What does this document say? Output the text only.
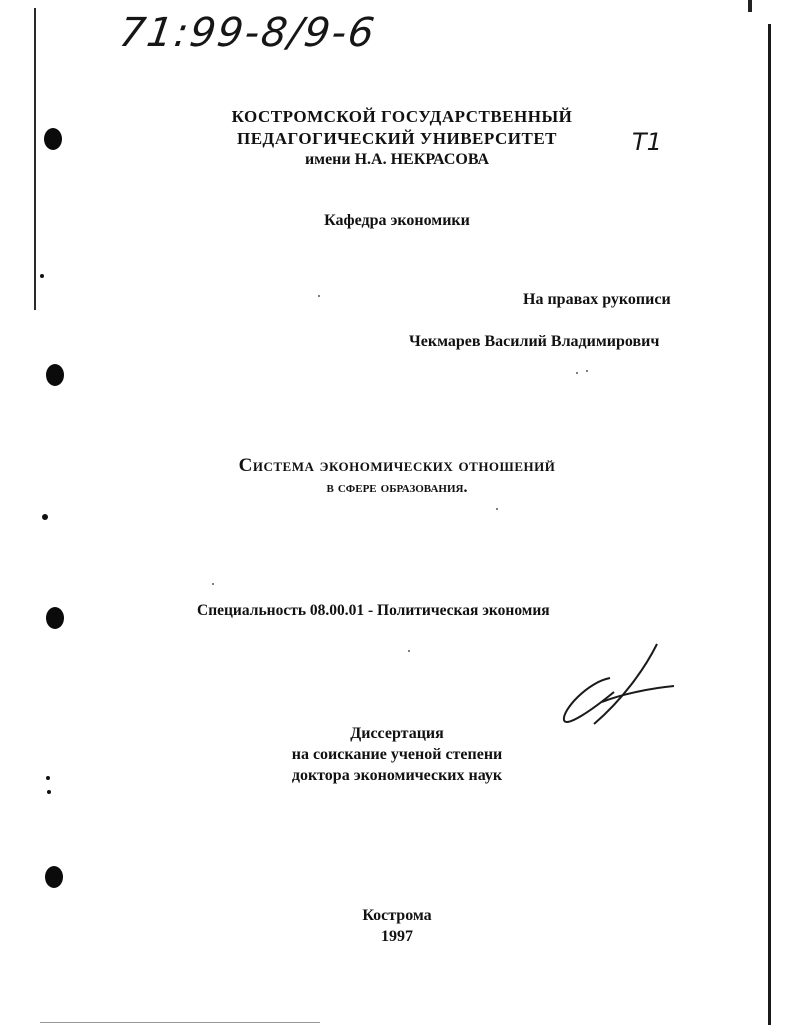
71:99-8/9-6
Т1
КОСТРОМСКОЙ ГОСУДАРСТВЕННЫЙ
ПЕДАГОГИЧЕСКИЙ УНИВЕРСИТЕТ
имени Н.А. НЕКРАСОВА
Кафедра экономики
На правах рукописи
Чекмарев Василий Владимирович
Система экономических отношений
в сфере образования.
Специальность 08.00.01 - Политическая экономия
Диссертация
на соискание ученой степени
доктора экономических наук
Кострома
1997
